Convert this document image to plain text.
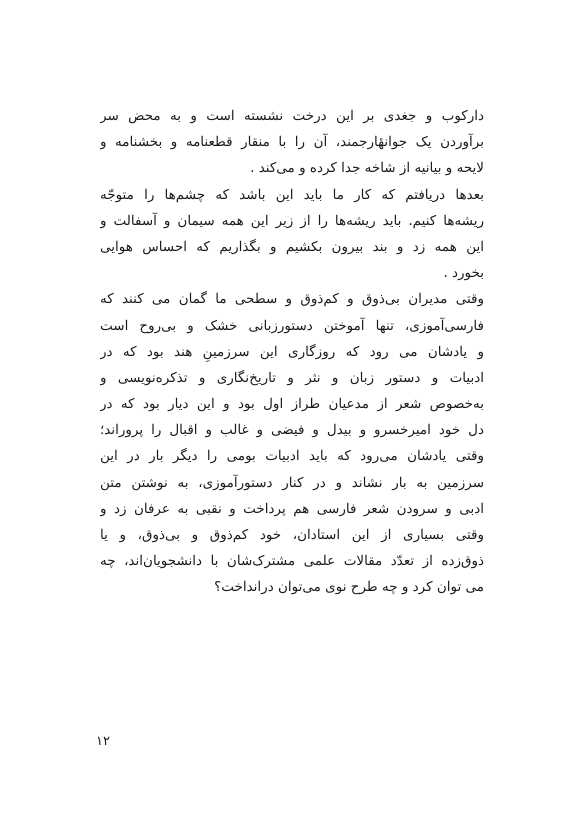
دارکوب و جغدی بر این درخت نشسته است و به محض سر
برآوردن یک جوانهٔارجمند، آن را با منقار قطعنامه و بخشنامه و
لایحه و بیانیه از شاخه جدا کرده و می‌کند .
بعدها دریافتم که کار ما باید این باشد که چشم‌ها را متوجّه
ریشه‌ها کنیم. باید ریشه‌ها را از زیر این همه سیمان و آسفالت و
این همه زد و بند بیرون بکشیم و بگذاریم که احساس هوایی
بخورد .
وقتی مدیران بی‌ذوق و کم‌ذوق و سطحی ما گمان می کنند که
فارسی‌آموزی، تنها آموختن دستورزبانی خشک و بی‌روح است
و یادشان می رود که روزگاری این سرزمینِ هند بود که در
ادبیات و دستور زبان و نثر و تاریخ‌نگاری و تذکره‌نویسی و
به‌خصوص شعر از مدعیان طراز اول بود و این دیار بود که در
دل خود امیرخسرو و بیدل و فیضی و غالب و اقبال را پروراند؛
وقتی یادشان می‌رود که باید ادبیات بومی را دیگر بار در این
سرزمین به بار نشاند و در کنار دستورآموزی، به نوشتن متن
ادبی و سرودن شعر فارسی هم پرداخت و نقبی به عرفان زد و
وقتی بسیاری از این استادان، خود کم‌ذوق و بی‌ذوق، و یا
ذوق‌زده از تعدّد مقالات علمی مشترک‌شان با دانشجویان‌اند، چه
می توان کرد و چه طرح نوی می‌توان درانداخت؟
۱۲
